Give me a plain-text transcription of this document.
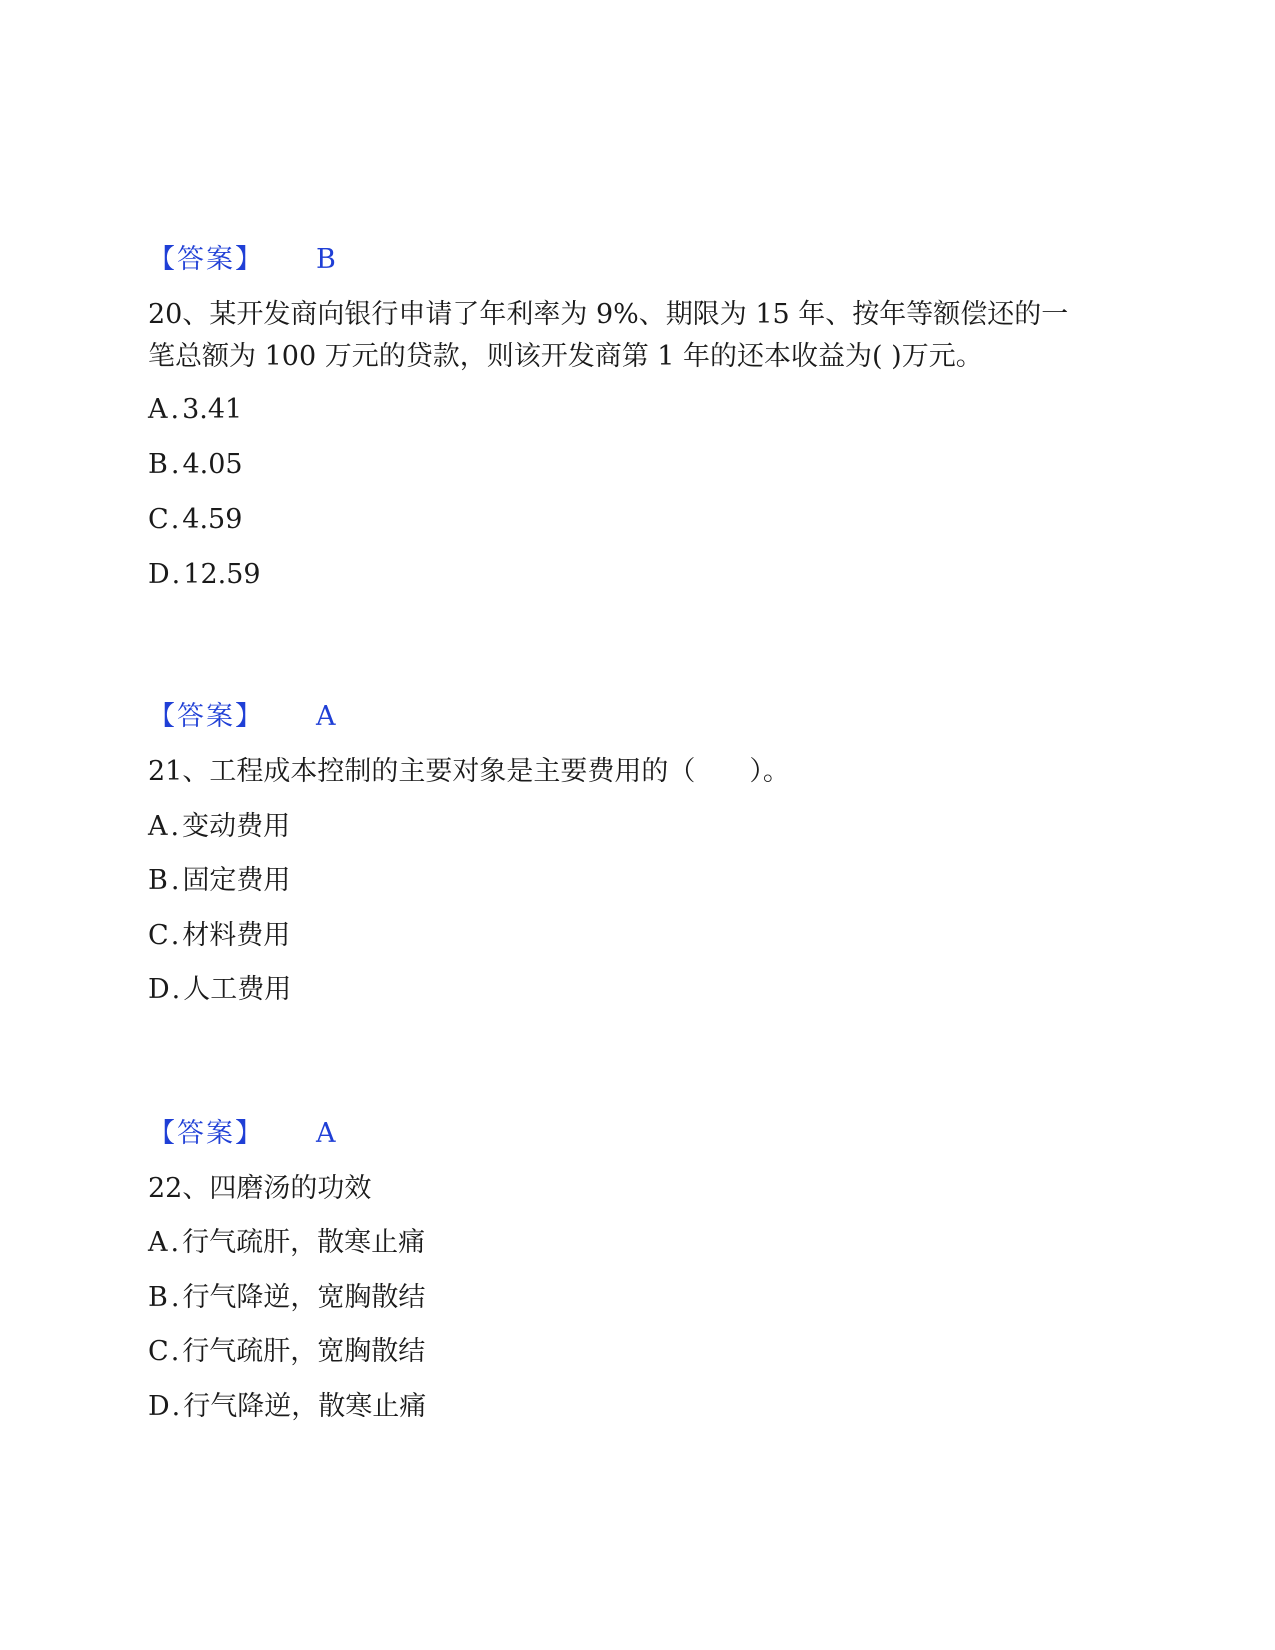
【答案】 B
20、某开发商向银行申请了年利率为 9%、期限为 15 年、按年等额偿还的一
笔总额为 100 万元的贷款，则该开发商第 1 年的还本收益为( )万元。
A.3.41
B.4.05
C.4.59
D.12.59
【答案】 A
21、工程成本控制的主要对象是主要费用的（　　）。
A.变动费用
B.固定费用
C.材料费用
D.人工费用
【答案】 A
22、四磨汤的功效
A.行气疏肝，散寒止痛
B.行气降逆，宽胸散结
C.行气疏肝，宽胸散结
D.行气降逆，散寒止痛
